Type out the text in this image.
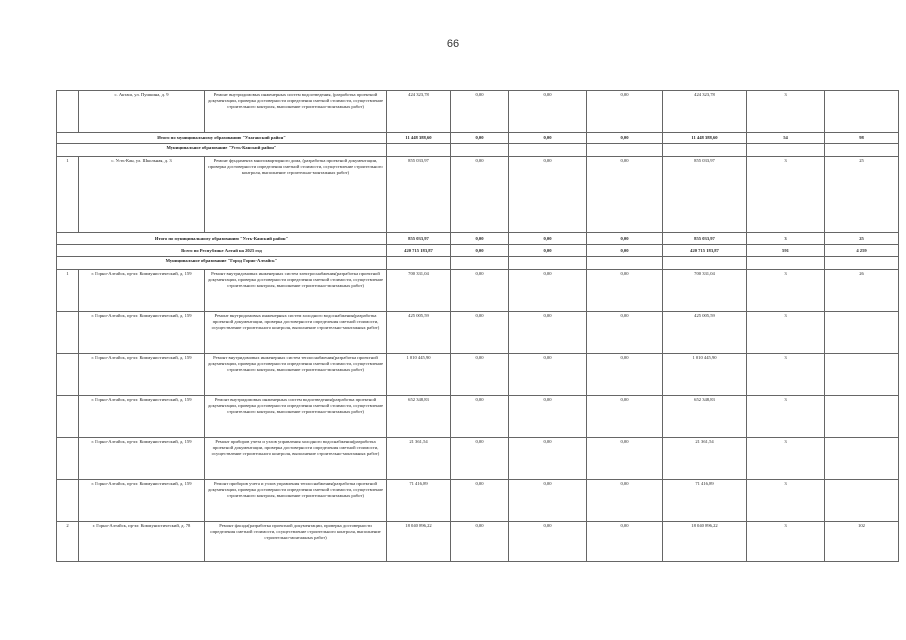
66
	с. Акташ, ул. Пушкина, д. 9	Ремонт внутридомовых инженерных систем водоотведения, (разработка проектной документации, проверка достоверности определения сметной стоимости, осуществление строительного контроля, выполнение строительно-монтажных работ)	424 323,78	0,00	0,00	0,00	424 323,78	3	
Итого по муниципальному образованию "Улаганский район"			11 448 388,60	0,00	0,00	0,00	11 448 388,60	54	98
Муниципальное образование "Усть-Канский район"									
1	с. Усть-Кан, ул. Школьная, д. 3	Ремонт фундамента многоквартирного дома, (разработка проектной документации, проверка достоверности определения сметной стоимости, осуществление строительного контроля, выполнение строительно-монтажных работ)	855 033,97	0,00	0,00	0,00	855 033,97	3	25
Итого по муниципальному образованию "Усть-Канский район"			855 033,97	0,00	0,00	0,00	855 033,97	3	25
Всего по Республике Алтай на 2025 год			420 715 183,87	0,00	0,00	0,00	420 715 183,87	591	4 259
Муниципальное образование "Город Горно-Алтайск"									
1	г. Горно-Алтайск, пр-кт. Коммунистический, д. 159	Ремонт внутридомовых инженерных систем электроснабжения(разработка проектной документации, проверка достоверности определения сметной стоимости, осуществление строительного контроля, выполнение строительно-монтажных работ)	700 331,04	0,00	0,00	0,00	700 331,04	3	26
	г. Горно-Алтайск, пр-кт. Коммунистический, д. 159	Ремонт внутридомовых инженерных систем холодного водоснабжения(разработка проектной документации, проверка достоверности определения сметной стоимости, осуществление строительного контроля, выполнение строительно-монтажных работ)	425 005,59	0,00	0,00	0,00	425 005,59	3	
	г. Горно-Алтайск, пр-кт. Коммунистический, д. 159	Ремонт внутридомовых инженерных систем теплоснабжения(разработка проектной документации, проверка достоверности определения сметной стоимости, осуществление строительного контроля, выполнение строительно-монтажных работ)	1 010 445,90	0,00	0,00	0,00	1 010 445,90	3	
	г. Горно-Алтайск, пр-кт. Коммунистический, д. 159	Ремонт внутридомовых инженерных систем водоотведения(разработка проектной документации, проверка достоверности определения сметной стоимости, осуществление строительного контроля, выполнение строительно-монтажных работ)	652 348,83	0,00	0,00	0,00	652 348,83	3	
	г. Горно-Алтайск, пр-кт. Коммунистический, д. 159	Ремонт приборов учета и узлов управления холодного водоснабжения(разработка проектной документации, проверка достоверности определения сметной стоимости, осуществление строительного контроля, выполнение строительно-монтажных работ)	21 361,54	0,00	0,00	0,00	21 361,54	3	
	г. Горно-Алтайск, пр-кт. Коммунистический, д. 159	Ремонт приборов учета и узлов управления теплоснабжения(разработка проектной документации, проверка достоверности определения сметной стоимости, осуществление строительного контроля, выполнение строительно-монтажных работ)	71 416,89	0,00	0,00	0,00	71 416,89	3	
2	г. Горно-Алтайск, пр-кт. Коммунистический, д. 78	Ремонт фасада(разработка проектной документации, проверка достоверности определения сметной стоимости, осуществление строительного контроля, выполнение строительно-монтажных работ)	18 040 896,22	0,00	0,00	0,00	18 040 896,22	3	102
